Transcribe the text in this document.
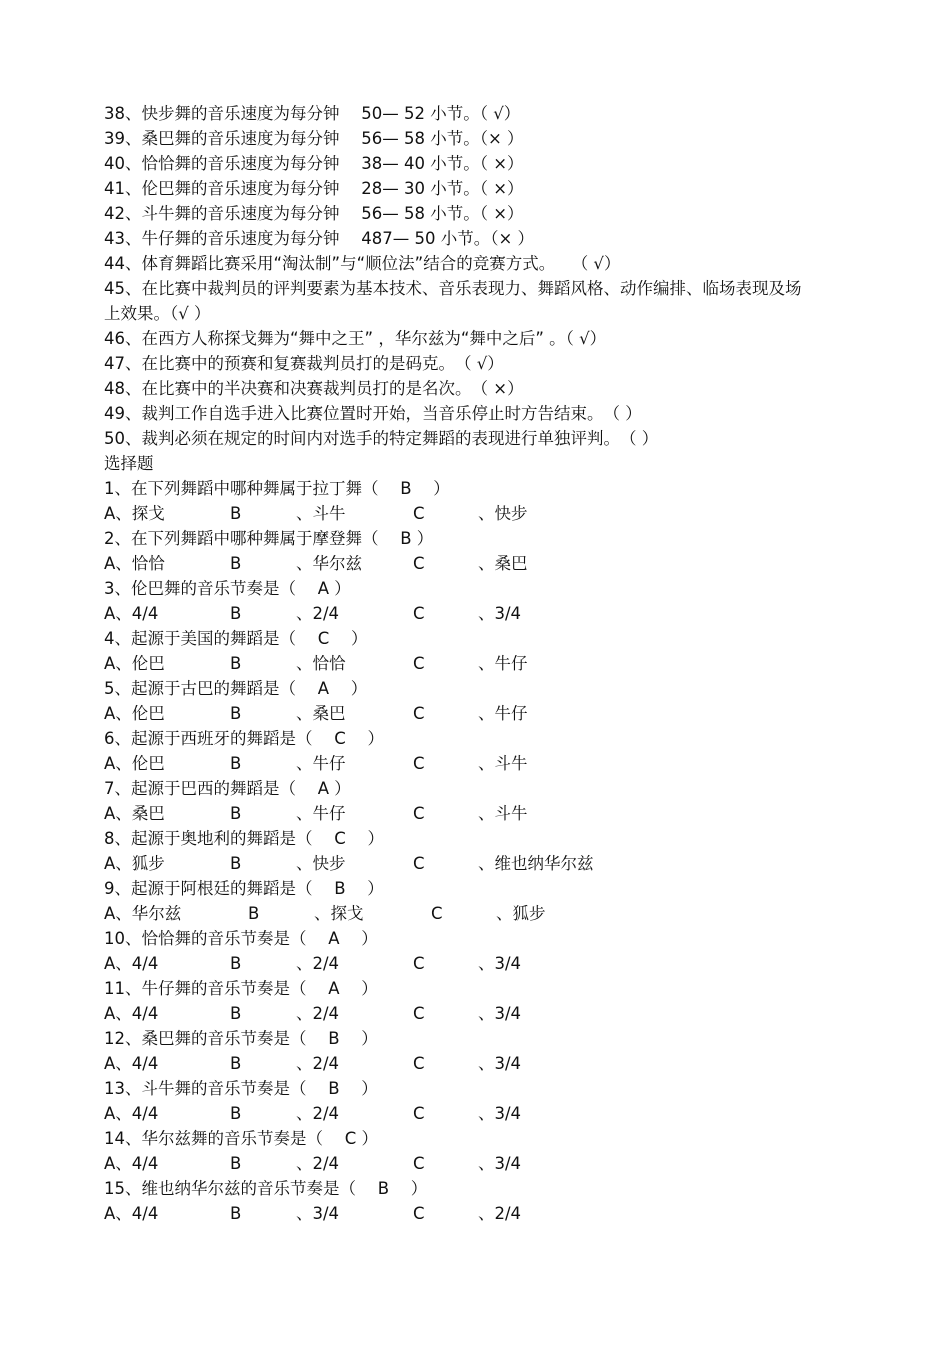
38、快步舞的音乐速度为每分钟　 50— 52 小节。（ √）
39、桑巴舞的音乐速度为每分钟　 56— 58 小节。（× ）
40、恰恰舞的音乐速度为每分钟　 38— 40 小节。（ ×）
41、伦巴舞的音乐速度为每分钟　 28— 30 小节。（ ×）
42、斗牛舞的音乐速度为每分钟　 56— 58 小节。（ ×）
43、牛仔舞的音乐速度为每分钟　 487— 50 小节。（× ）
44、体育舞蹈比赛采用“淘汰制”与“顺位法”结合的竞赛方式。　　（ √）
45、在比赛中裁判员的评判要素为基本技术、音乐表现力、舞蹈风格、动作编排、临场表现及场上效果。（√ ）
46、在西方人称探戈舞为“舞中之王” ，华尔兹为“舞中之后” 。（ √）
47、在比赛中的预赛和复赛裁判员打的是码克。　（ √）
48、在比赛中的半决赛和决赛裁判员打的是名次。　（ ×）
49、裁判工作自选手进入比赛位置时开始，当音乐停止时方告结束。　（ ）
50、裁判必须在规定的时间内对选手的特定舞蹈的表现进行单独评判。　（ ）
选择题
1、在下列舞蹈中哪种舞属于拉丁舞（ 　B 　）
A、探戈	B	、斗牛	C	、快步
2、在下列舞蹈中哪种舞属于摩登舞（　 B ）
A、恰恰	B	、华尔兹	C	、桑巴
3、伦巴舞的音乐节奏是（ 　A ）
A、4/4	B	、2/4	C	、3/4
4、起源于美国的舞蹈是（ 　C 　）
A、伦巴	B	、恰恰	C	、牛仔
5、起源于古巴的舞蹈是（ 　A 　）
A、伦巴	B	、桑巴	C	、牛仔
6、起源于西班牙的舞蹈是（ 　C 　）
A、伦巴	B	、牛仔	C	、斗牛
7、起源于巴西的舞蹈是（ 　A ）
A、桑巴	B	、牛仔	C	、斗牛
8、起源于奥地利的舞蹈是（ 　C 　）
A、狐步	B	、快步	C	、维也纳华尔兹
9、起源于阿根廷的舞蹈是（ 　B 　）
A、华尔兹	B	、探戈	C	、狐步
10、恰恰舞的音乐节奏是（ 　A 　）
A、4/4	B	、2/4	C	、3/4
11、牛仔舞的音乐节奏是（ 　A 　）
A、4/4	B	、2/4	C	、3/4
12、桑巴舞的音乐节奏是（ 　B 　）
A、4/4	B	、2/4	C	、3/4
13、斗牛舞的音乐节奏是（ 　B 　）
A、4/4	B	、2/4	C	、3/4
14、华尔兹舞的音乐节奏是（ 　C ）
A、4/4	B	、2/4	C	、3/4
15、维也纳华尔兹的音乐节奏是（ 　B 　）
A、4/4	B	、3/4	C	、2/4
